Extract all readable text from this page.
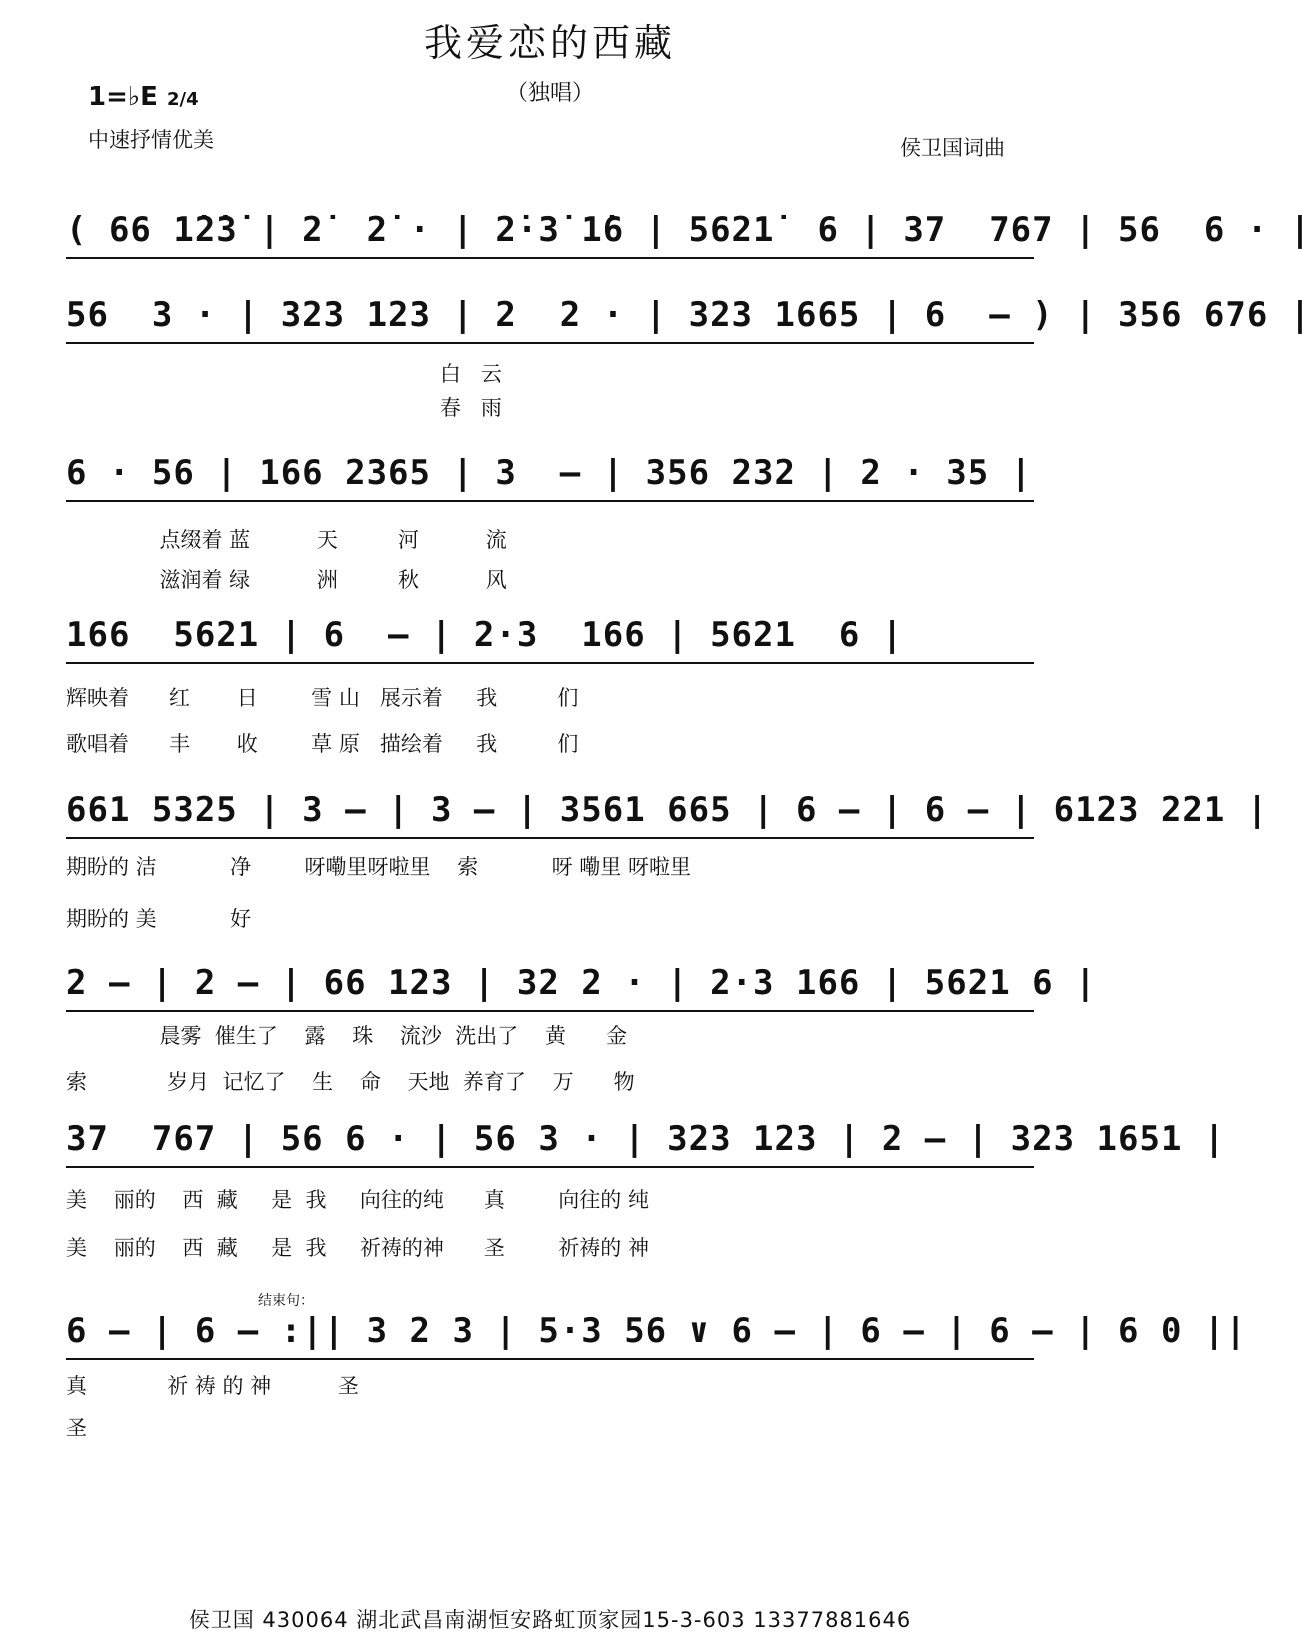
我爱恋的西藏
（独唱）
1=♭E 2/4
中速抒情优美	侯卫国词曲
( 66 1̇2̇3̇ | 2̇  2̇ · | 2̇·3̇ 1̇6 | 5621̇  6 | 37  767 | 56  6 · |
56  3 · | 323 123 | 2  2 · | 323 1665 | 6  — ) | 356 676 |
白   云
春   雨
6 · 56 | 166 2365 | 3  — | 356 232 | 2 · 35 |
点缀着 蓝          天         河          流
滋润着 绿          洲         秋          风
166  5621 | 6  — | 2·3  166 | 5621  6 |
辉映着      红       日        雪 山   展示着     我         们
歌唱着      丰       收        草 原   描绘着     我         们
661 5325 | 3 — | 3 — | 3561 665 | 6 — | 6 — | 6123 221 |
期盼的 洁           净        呀嘞里呀啦里    索           呀 嘞里 呀啦里
期盼的 美           好
2 — | 2 — | 66 123 | 32 2 · | 2·3 166 | 5621 6 |
晨雾  催生了    露    珠    流沙  洗出了    黄      金
索            岁月  记忆了    生    命    天地  养育了    万      物
37  767 | 56 6 · | 56 3 · | 323 123 | 2 — | 323 1651 |
美    丽的    西  藏     是  我     向往的纯      真        向往的 纯
美    丽的    西  藏     是  我     祈祷的神      圣        祈祷的 神
结束句：
6 — | 6 — :|| 3 2 3 | 5·3 56 ∨ 6 — | 6 — | 6 — | 6 0 ||
真            祈 祷 的 神          圣
圣
侯卫国 430064 湖北武昌南湖恒安路虹顶家园15-3-603 13377881646
